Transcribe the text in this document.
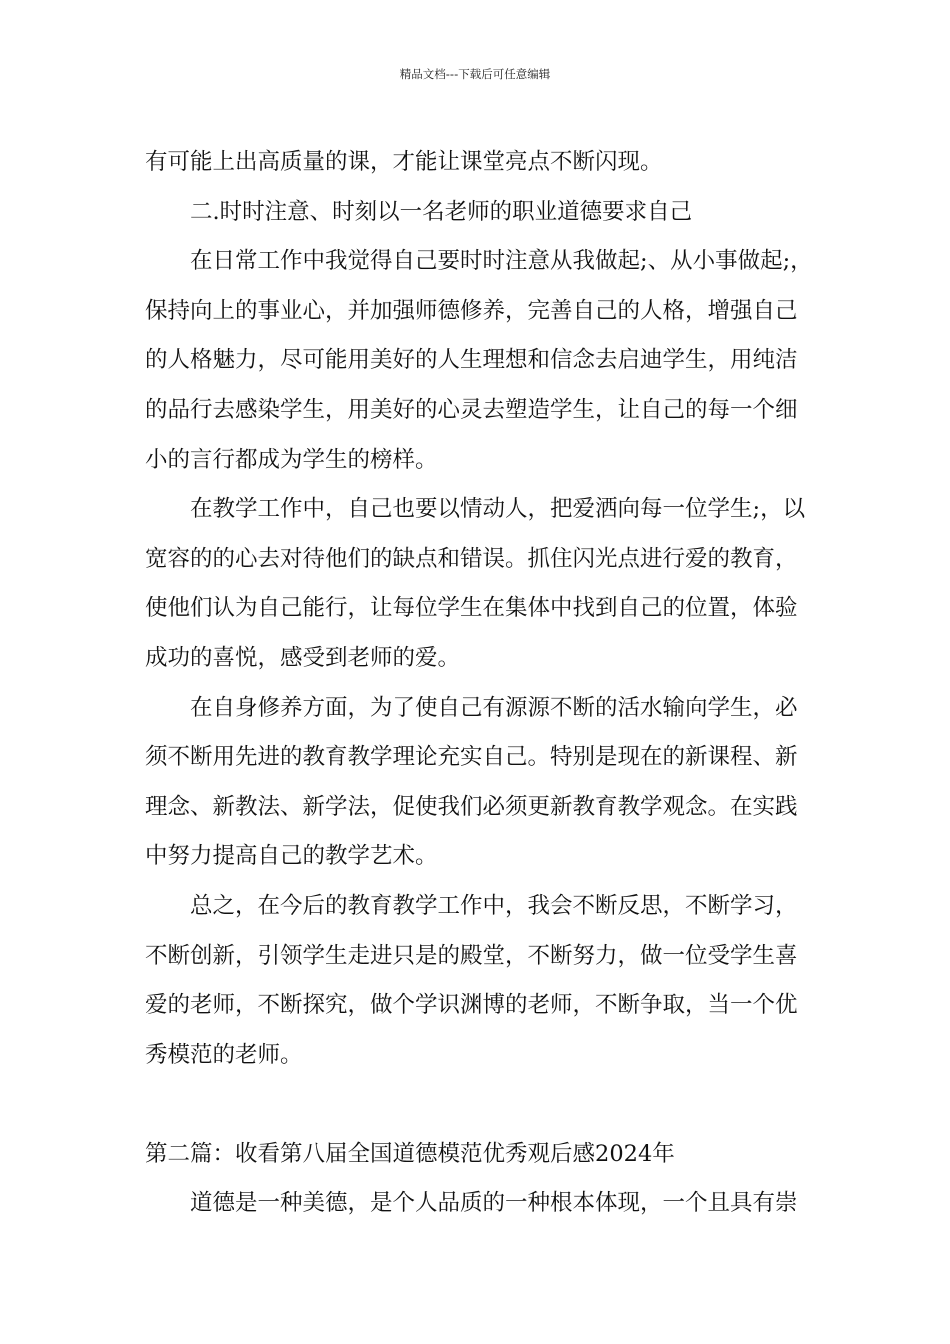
精品文档---下载后可任意编辑
有可能上出高质量的课，才能让课堂亮点不断闪现。
二.时时注意、时刻以一名老师的职业道德要求自己
在日常工作中我觉得自己要时时注意从我做起;、从小事做起;，
保持向上的事业心，并加强师德修养，完善自己的人格，增强自己
的人格魅力，尽可能用美好的人生理想和信念去启迪学生，用纯洁
的品行去感染学生，用美好的心灵去塑造学生，让自己的每一个细
小的言行都成为学生的榜样。
在教学工作中，自己也要以情动人，把爱洒向每一位学生;，以
宽容的的心去对待他们的缺点和错误。抓住闪光点进行爱的教育，
使他们认为自己能行，让每位学生在集体中找到自己的位置，体验
成功的喜悦，感受到老师的爱。
在自身修养方面，为了使自己有源源不断的活水输向学生，必
须不断用先进的教育教学理论充实自己。特别是现在的新课程、新
理念、新教法、新学法，促使我们必须更新教育教学观念。在实践
中努力提高自己的教学艺术。
总之，在今后的教育教学工作中，我会不断反思，不断学习，
不断创新，引领学生走进只是的殿堂，不断努力，做一位受学生喜
爱的老师，不断探究，做个学识渊博的老师，不断争取，当一个优
秀模范的老师。
第二篇：收看第八届全国道德模范优秀观后感2024年
道德是一种美德，是个人品质的一种根本体现，一个且具有崇
